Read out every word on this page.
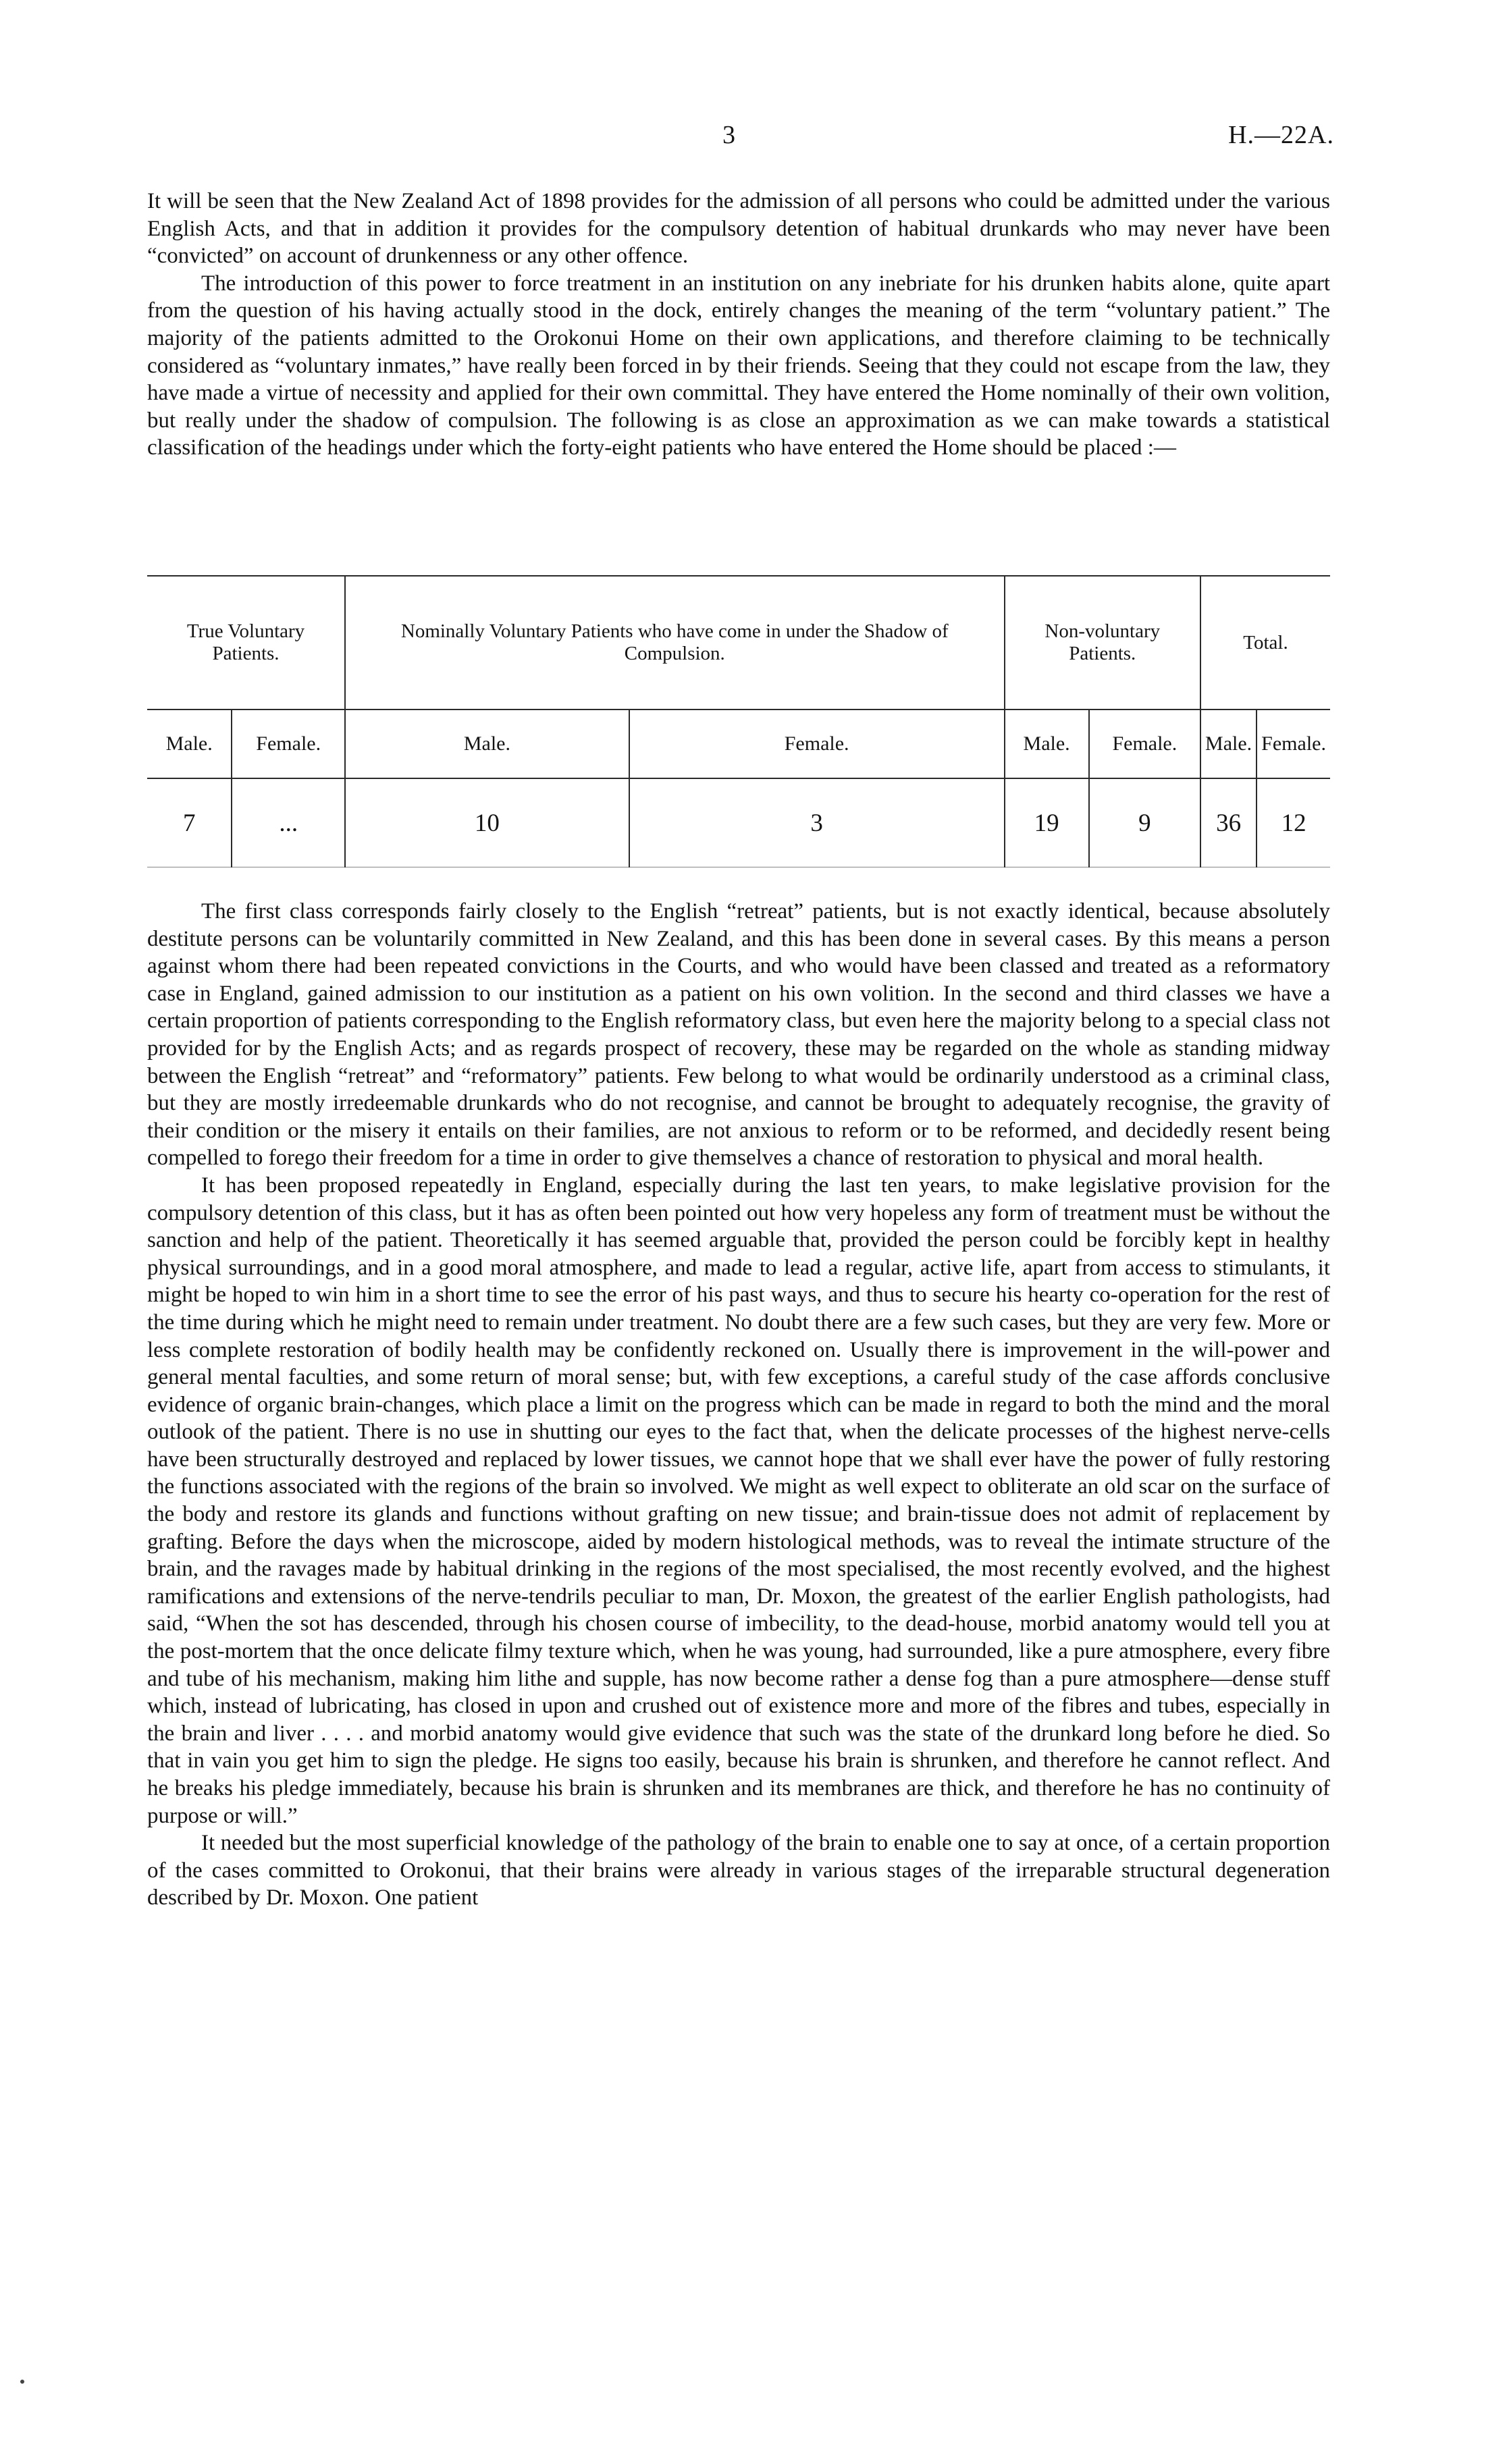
3	H.—22A.

It will be seen that the New Zealand Act of 1898 provides for the admission of all persons who could be admitted under the various English Acts, and that in addition it provides for the compulsory detention of habitual drunkards who may never have been “convicted” on account of drunkenness or any other offence.

The introduction of this power to force treatment in an institution on any inebriate for his drunken habits alone, quite apart from the question of his having actually stood in the dock, entirely changes the meaning of the term “voluntary patient.” The majority of the patients admitted to the Orokonui Home on their own applications, and therefore claiming to be technically considered as “voluntary inmates,” have really been forced in by their friends. Seeing that they could not escape from the law, they have made a virtue of necessity and applied for their own committal. They have entered the Home nominally of their own volition, but really under the shadow of compulsion. The following is as close an approximation as we can make towards a statistical classification of the headings under which the forty-eight patients who have entered the Home should be placed :—

True Voluntary Patients.		Nominally Voluntary Patients who have come in under the Shadow of Compulsion.		Non-voluntary Patients.		Total.	
Male.	Female.	Male.	Female.	Male.	Female.	Male.	Female.
7	...	10	3	19	9	36	12

The first class corresponds fairly closely to the English “retreat” patients, but is not exactly identical, because absolutely destitute persons can be voluntarily committed in New Zealand, and this has been done in several cases. By this means a person against whom there had been repeated convictions in the Courts, and who would have been classed and treated as a reformatory case in England, gained admission to our institution as a patient on his own volition. In the second and third classes we have a certain proportion of patients corresponding to the English reformatory class, but even here the majority belong to a special class not provided for by the English Acts; and as regards prospect of recovery, these may be regarded on the whole as standing midway between the English “retreat” and “reformatory” patients. Few belong to what would be ordinarily understood as a criminal class, but they are mostly irredeemable drunkards who do not recognise, and cannot be brought to adequately recognise, the gravity of their condition or the misery it entails on their families, are not anxious to reform or to be reformed, and decidedly resent being compelled to forego their freedom for a time in order to give themselves a chance of restoration to physical and moral health.

It has been proposed repeatedly in England, especially during the last ten years, to make legislative provision for the compulsory detention of this class, but it has as often been pointed out how very hopeless any form of treatment must be without the sanction and help of the patient. Theoretically it has seemed arguable that, provided the person could be forcibly kept in healthy physical surroundings, and in a good moral atmosphere, and made to lead a regular, active life, apart from access to stimulants, it might be hoped to win him in a short time to see the error of his past ways, and thus to secure his hearty co-operation for the rest of the time during which he might need to remain under treatment. No doubt there are a few such cases, but they are very few. More or less complete restoration of bodily health may be confidently reckoned on. Usually there is improvement in the will-power and general mental faculties, and some return of moral sense; but, with few exceptions, a careful study of the case affords conclusive evidence of organic brain-changes, which place a limit on the progress which can be made in regard to both the mind and the moral outlook of the patient. There is no use in shutting our eyes to the fact that, when the delicate processes of the highest nerve-cells have been structurally destroyed and replaced by lower tissues, we cannot hope that we shall ever have the power of fully restoring the functions associated with the regions of the brain so involved. We might as well expect to obliterate an old scar on the surface of the body and restore its glands and functions without grafting on new tissue; and brain-tissue does not admit of replacement by grafting. Before the days when the microscope, aided by modern histological methods, was to reveal the intimate structure of the brain, and the ravages made by habitual drinking in the regions of the most specialised, the most recently evolved, and the highest ramifications and extensions of the nerve-tendrils peculiar to man, Dr. Moxon, the greatest of the earlier English pathologists, had said, “When the sot has descended, through his chosen course of imbecility, to the dead-house, morbid anatomy would tell you at the post-mortem that the once delicate filmy texture which, when he was young, had surrounded, like a pure atmosphere, every fibre and tube of his mechanism, making him lithe and supple, has now become rather a dense fog than a pure atmosphere—dense stuff which, instead of lubricating, has closed in upon and crushed out of existence more and more of the fibres and tubes, especially in the brain and liver . . . . and morbid anatomy would give evidence that such was the state of the drunkard long before he died. So that in vain you get him to sign the pledge. He signs too easily, because his brain is shrunken, and therefore he cannot reflect. And he breaks his pledge immediately, because his brain is shrunken and its membranes are thick, and therefore he has no continuity of purpose or will.”

It needed but the most superficial knowledge of the pathology of the brain to enable one to say at once, of a certain proportion of the cases committed to Orokonui, that their brains were already in various stages of the irreparable structural degeneration described by Dr. Moxon. One patient
